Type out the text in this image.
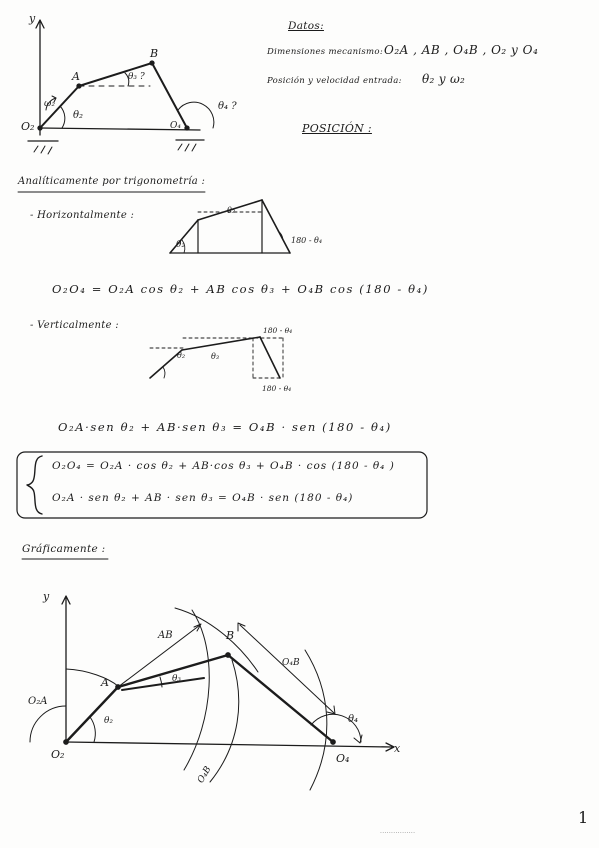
Datos:
Dimensiones mecanismo: O₂A , AB , O₄B , O₂ y O₄
Posición y velocidad entrada: θ₂ y ω₂
POSICIÓN :
y
A
B
O₂	O₄
ω₂
θ₂
θ₃ ?
θ₄ ?
Analíticamente por trigonometría :
- Horizontalmente :
θ₂
θ₃
180 - θ₄
O₂O₄ = O₂A cos θ₂ + AB cos θ₃ + O₄B cos (180 - θ₄)
- Verticalmente :
θ₂	θ₃
180 - θ₄
180 - θ₄
O₂A·sen θ₂ + AB·sen θ₃ = O₄B · sen (180 - θ₄)
O₂O₄ = O₂A · cos θ₂ + AB·cos θ₃ + O₄B · cos (180 - θ₄ )
O₂A · sen θ₂ + AB · sen θ₃ = O₄B · sen (180 - θ₄)
Gráficamente :
y
x
O₂	O₄
A
B
O₂A
AB
O₄B
θ₂
θ₃
θ₄
O₄B
1
················
